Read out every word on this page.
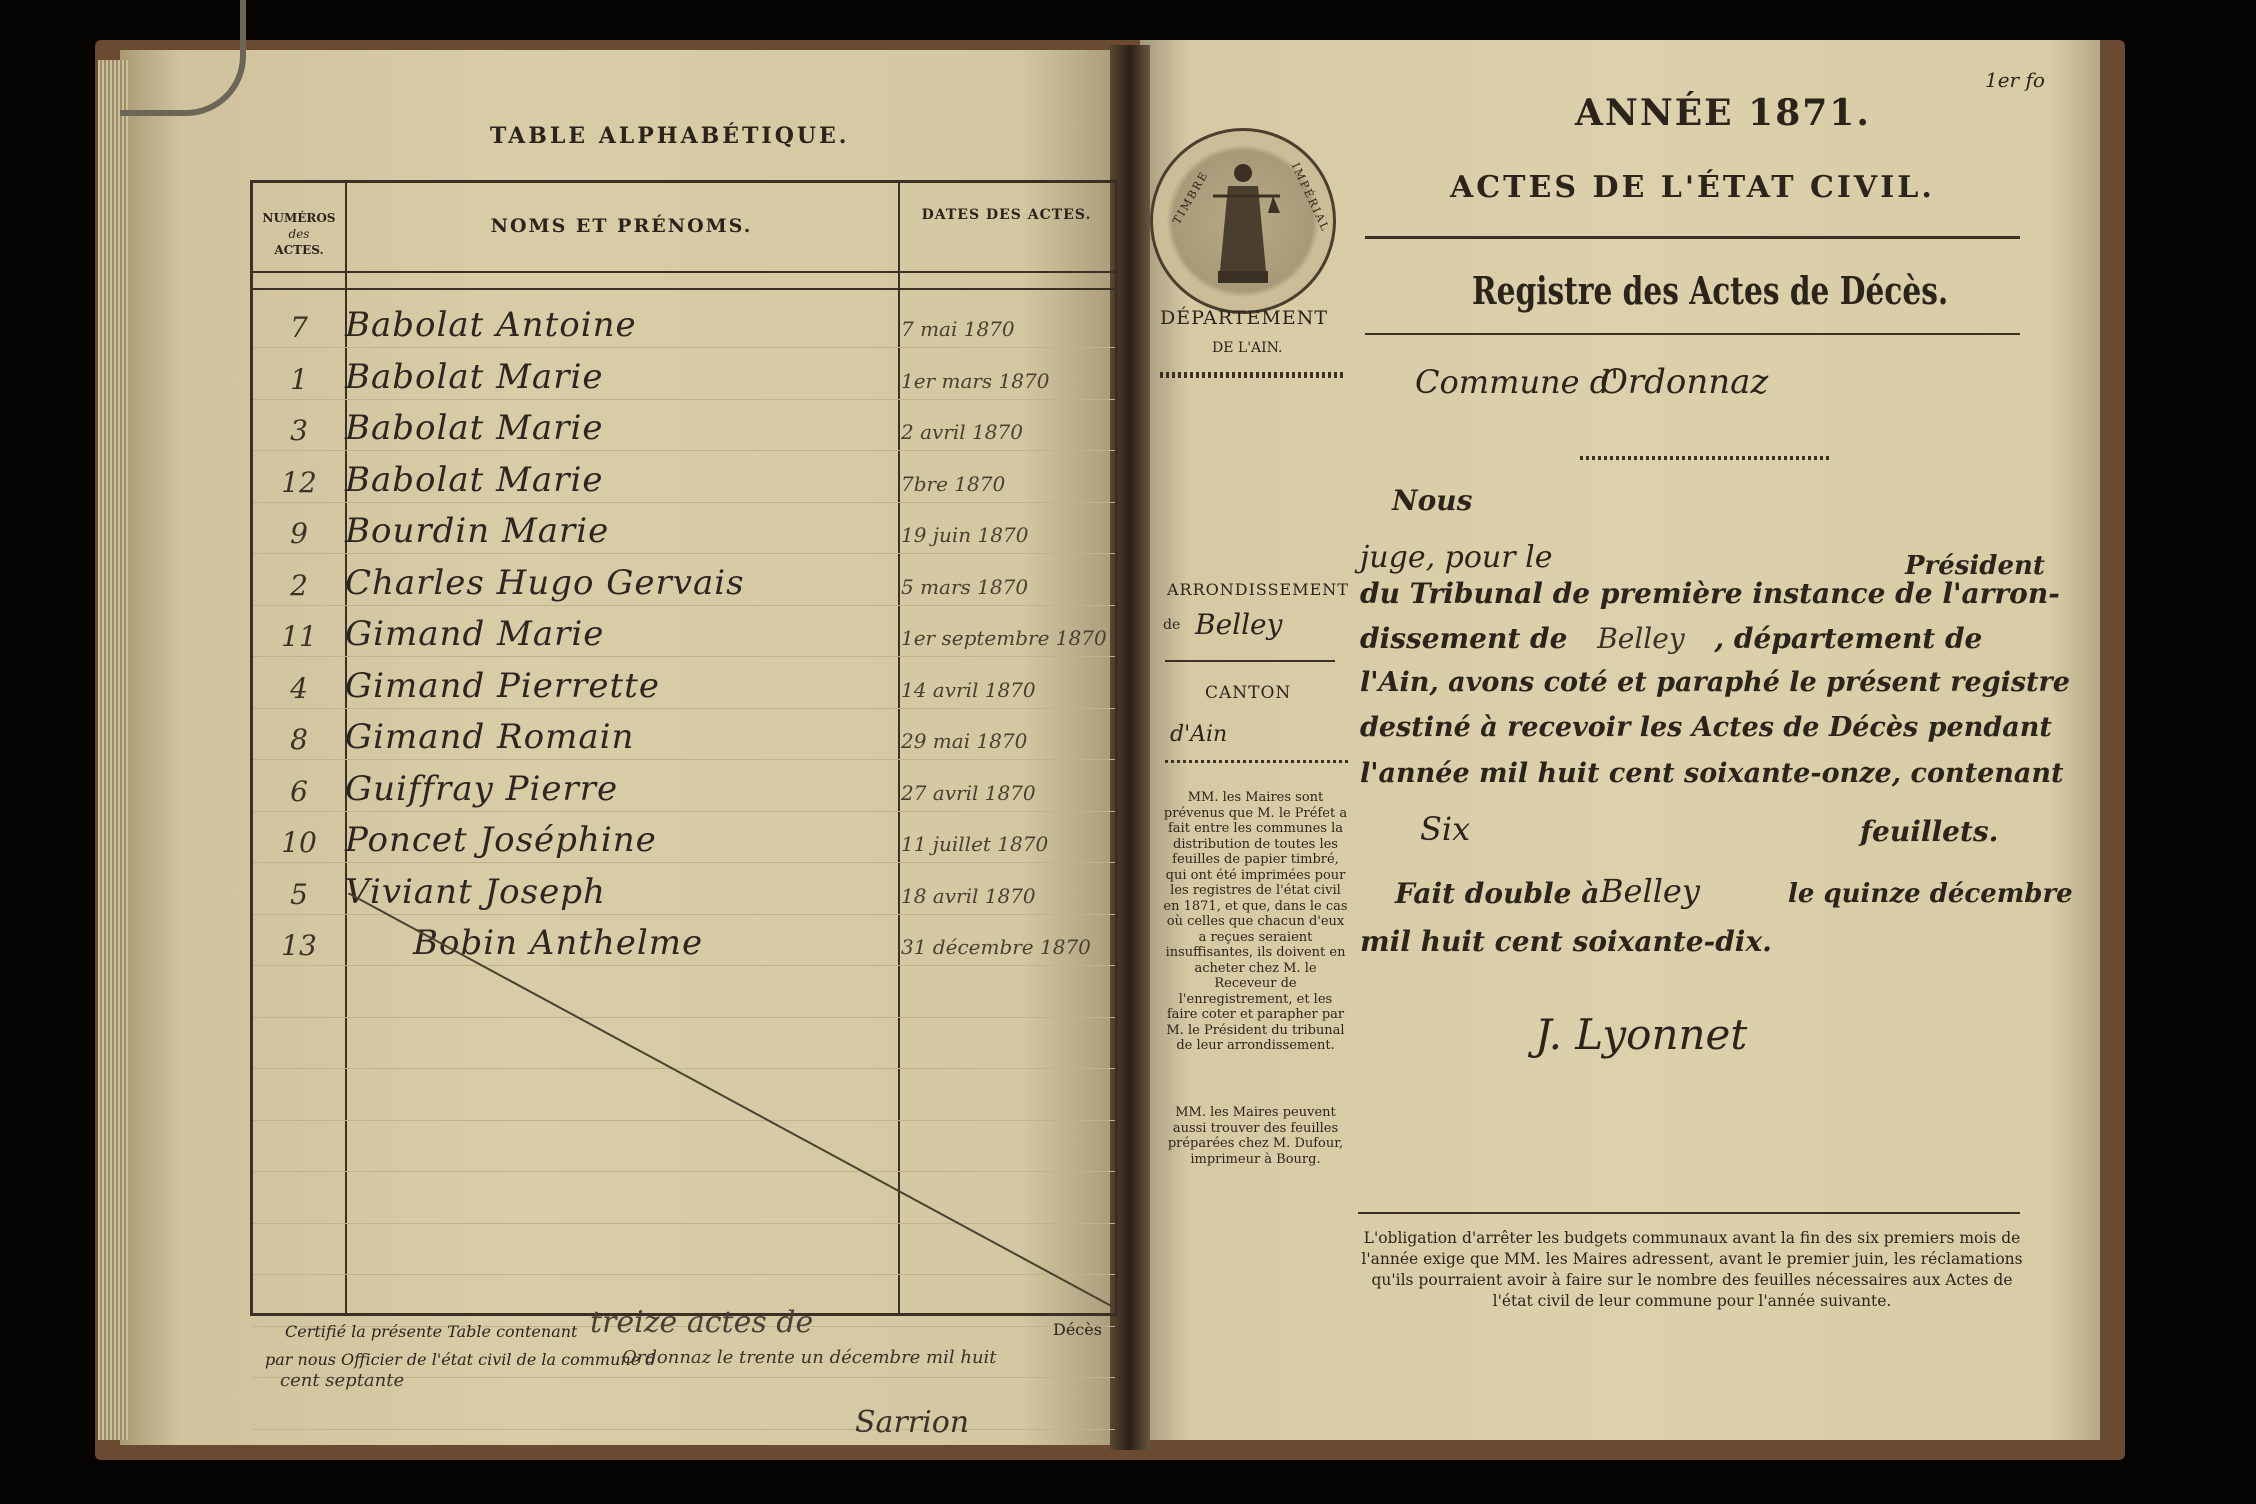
TABLE ALPHABÉTIQUE.
NUMÉROS
des
ACTES.
NOMS ET PRÉNOMS.	DATES DES ACTES.
7	Babolat Antoine	7 mai 1870
1	Babolat Marie	1er mars 1870
3	Babolat Marie	2 avril 1870
12 Babolat Marie	7bre 1870
9	Bourdin Marie	19 juin 1870
2	Charles Hugo Gervais	5 mars 1870
11 Gimand Marie	1er septembre 1870
4	Gimand Pierrette	14 avril 1870
8	Gimand Romain	29 mai 1870
6	Guiffray Pierre	27 avril 1870
10 Poncet Joséphine	11 juillet 1870
5	Viviant Joseph	18 avril 1870
13	Bobin Anthelme	31 décembre 1870
Certifié la présente Table contenant treize actes de	Décès
par nous Officier de l'état civil de la commune d
Ordonnaz le trente un décembre mil huit
cent septante
Sarrion
1er fo
ANNÉE 1871.
ACTES DE L'ÉTAT CIVIL.
Registre des Actes de Décès.
TIMBRE	IMPÉRIAL
DÉPARTEMENT
DE L'AIN.
Commune d'
Ordonnaz
Nous
juge, pour le	Président
ARRONDISSEMENT
de Belley
CANTON
d'Ain
du Tribunal de première instance de l'arron-
dissement de Belley , département de
l'Ain, avons coté et paraphé le présent registre
destiné à recevoir les Actes de Décès pendant
l'année mil huit cent soixante-onze, contenant
Six	feuillets.
Fait double à Belley	le quinze décembre
mil huit cent soixante-dix.
J. Lyonnet
MM. les Maires sont prévenus que M. le Préfet a fait entre les communes la distribution de toutes les feuilles de papier timbré, qui ont été imprimées pour les registres de l'état civil en 1871, et que, dans le cas où celles que chacun d'eux a reçues seraient insuffisantes, ils doivent en acheter chez M. le Receveur de l'enregistrement, et les faire coter et parapher par M. le Président du tribunal de leur arrondissement.
MM. les Maires peuvent aussi trouver des feuilles préparées chez M. Dufour, imprimeur à Bourg.
L'obligation d'arrêter les budgets communaux avant la fin des six premiers mois de l'année exige que MM. les Maires adressent, avant le premier juin, les réclamations qu'ils pourraient avoir à faire sur le nombre des feuilles nécessaires aux Actes de l'état civil de leur commune pour l'année suivante.
